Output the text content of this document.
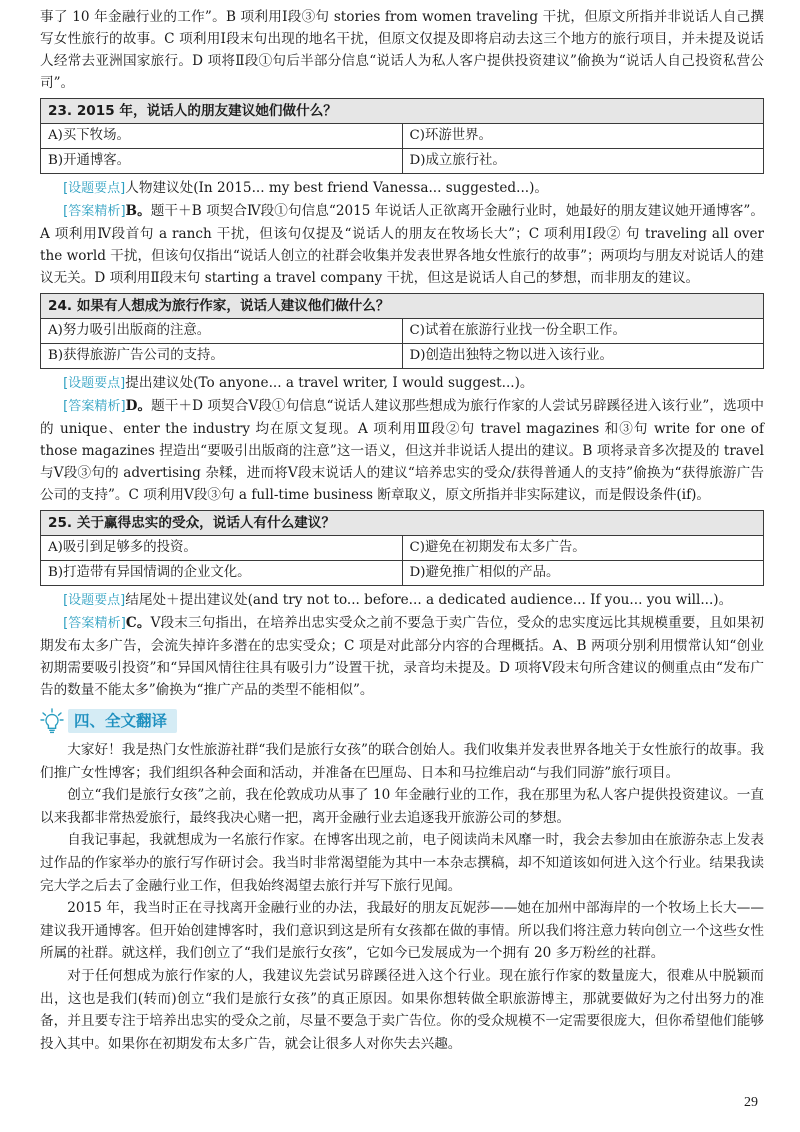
事了 10 年金融行业的工作”。B 项利用Ⅰ段③句 stories from women traveling 干扰，但原文所指并非说话人自己撰写女性旅行的故事。C 项利用Ⅰ段末句出现的地名干扰，但原文仅提及即将启动去这三个地方的旅行项目，并未提及说话人经常去亚洲国家旅行。D 项将Ⅱ段①句后半部分信息“说话人为私人客户提供投资建议”偷换为“说话人自己投资私营公司”。

23. 2015 年，说话人的朋友建议她们做什么？	
A)买下牧场。	C)环游世界。
B)开通博客。	D)成立旅行社。

[设题要点]人物建议处(In 2015... my best friend Vanessa... suggested...)。

[答案精析]B。题干＋B 项契合Ⅳ段①句信息“2015 年说话人正欲离开金融行业时，她最好的朋友建议她开通博客”。A 项利用Ⅳ段首句 a ranch 干扰，但该句仅提及“说话人的朋友在牧场长大”；C 项利用Ⅰ段② 句 traveling all over the world 干扰，但该句仅指出“说话人创立的社群会收集并发表世界各地女性旅行的故事”；两项均与朋友对说话人的建议无关。D 项利用Ⅱ段末句 starting a travel company 干扰，但这是说话人自己的梦想，而非朋友的建议。

24. 如果有人想成为旅行作家，说话人建议他们做什么？	
A)努力吸引出版商的注意。	C)试着在旅游行业找一份全职工作。
B)获得旅游广告公司的支持。	D)创造出独特之物以进入该行业。

[设题要点]提出建议处(To anyone... a travel writer, I would suggest...)。

[答案精析]D。题干＋D 项契合Ⅴ段①句信息“说话人建议那些想成为旅行作家的人尝试另辟蹊径进入该行业”，选项中的 unique、enter the industry 均在原文复现。A 项利用Ⅲ段②句 travel magazines 和③句 write for one of those magazines 捏造出“要吸引出版商的注意”这一语义，但这并非说话人提出的建议。B 项将录音多次提及的 travel 与Ⅴ段③句的 advertising 杂糅，进而将Ⅴ段末说话人的建议“培养忠实的受众/获得普通人的支持”偷换为“获得旅游广告公司的支持”。C 项利用Ⅴ段③句 a full-time business 断章取义，原文所指并非实际建议，而是假设条件(if)。

25. 关于赢得忠实的受众，说话人有什么建议？	
A)吸引到足够多的投资。	C)避免在初期发布太多广告。
B)打造带有异国情调的企业文化。	D)避免推广相似的产品。

[设题要点]结尾处＋提出建议处(and try not to... before... a dedicated audience... If you... you will...)。

[答案精析]C。Ⅴ段末三句指出，在培养出忠实受众之前不要急于卖广告位，受众的忠实度远比其规模重要，且如果初期发布太多广告，会流失掉许多潜在的忠实受众；C 项是对此部分内容的合理概括。A、B 两项分别利用惯常认知“创业初期需要吸引投资”和“异国风情往往具有吸引力”设置干扰，录音均未提及。D 项将Ⅴ段末句所含建议的侧重点由“发布广告的数量不能太多”偷换为“推广产品的类型不能相似”。

四、全文翻译

大家好！我是热门女性旅游社群“我们是旅行女孩”的联合创始人。我们收集并发表世界各地关于女性旅行的故事。我们推广女性博客；我们组织各种会面和活动，并准备在巴厘岛、日本和马拉维启动“与我们同游”旅行项目。

创立“我们是旅行女孩”之前，我在伦敦成功从事了 10 年金融行业的工作，我在那里为私人客户提供投资建议。一直以来我都非常热爱旅行，最终我决心赌一把，离开金融行业去追逐我开旅游公司的梦想。

自我记事起，我就想成为一名旅行作家。在博客出现之前，电子阅读尚未风靡一时，我会去参加由在旅游杂志上发表过作品的作家举办的旅行写作研讨会。我当时非常渴望能为其中一本杂志撰稿，却不知道该如何进入这个行业。结果我读完大学之后去了金融行业工作，但我始终渴望去旅行并写下旅行见闻。

2015 年，我当时正在寻找离开金融行业的办法，我最好的朋友瓦妮莎——她在加州中部海岸的一个牧场上长大——建议我开通博客。但开始创建博客时，我们意识到这是所有女孩都在做的事情。所以我们将注意力转向创立一个这些女性所属的社群。就这样，我们创立了“我们是旅行女孩”，它如今已发展成为一个拥有 20 多万粉丝的社群。

对于任何想成为旅行作家的人，我建议先尝试另辟蹊径进入这个行业。现在旅行作家的数量庞大，很难从中脱颖而出，这也是我们(转而)创立“我们是旅行女孩”的真正原因。如果你想转做全职旅游博主，那就要做好为之付出努力的准备，并且要专注于培养出忠实的受众之前，尽量不要急于卖广告位。你的受众规模不一定需要很庞大，但你希望他们能够投入其中。如果你在初期发布太多广告，就会让很多人对你失去兴趣。

29
